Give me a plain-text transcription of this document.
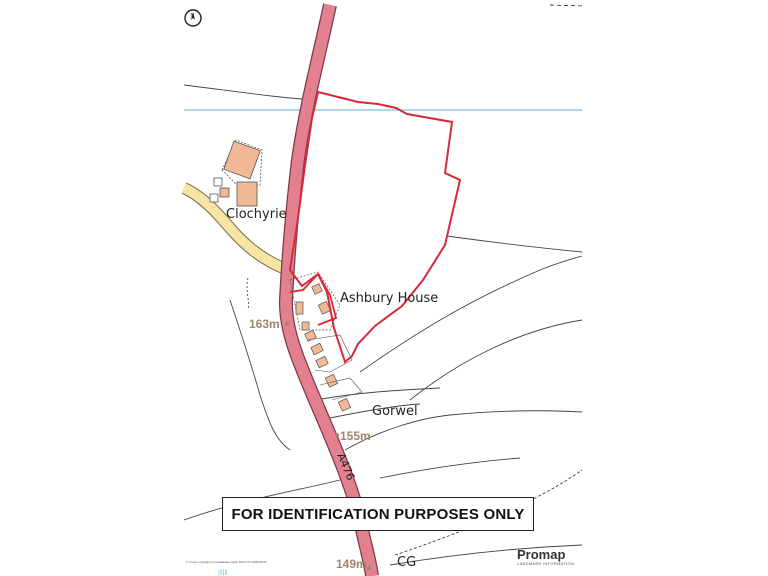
Clochyrie
Ashbury House
Gorwel
CG
A476
163m
155m
149m
N
|‖|‖
FOR IDENTIFICATION PURPOSES ONLY
© Crown copyright and database rights 2023 OS 100022432	Promap
LANDMARK INFORMATION
